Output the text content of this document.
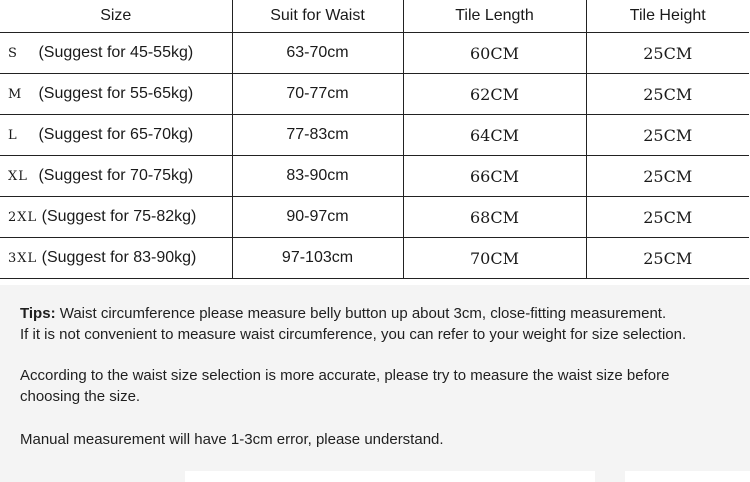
Size	Suit for Waist	Tile Length	Tile Height
S (Suggest for 45-55kg)	63-70cm	60CM	25CM
M (Suggest for 55-65kg)	70-77cm	62CM	25CM
L (Suggest for 65-70kg)	77-83cm	64CM	25CM
XL (Suggest for 70-75kg)	83-90cm	66CM	25CM
2XL (Suggest for 75-82kg)	90-97cm	68CM	25CM
3XL (Suggest for 83-90kg)	97-103cm	70CM	25CM

Tips: Waist circumference please measure belly button up about 3cm, close-fitting measurement.
If it is not convenient to measure waist circumference, you can refer to your weight for size selection.

According to the waist size selection is more accurate, please try to measure the waist size before choosing the size.

Manual measurement will have 1-3cm error, please understand.
